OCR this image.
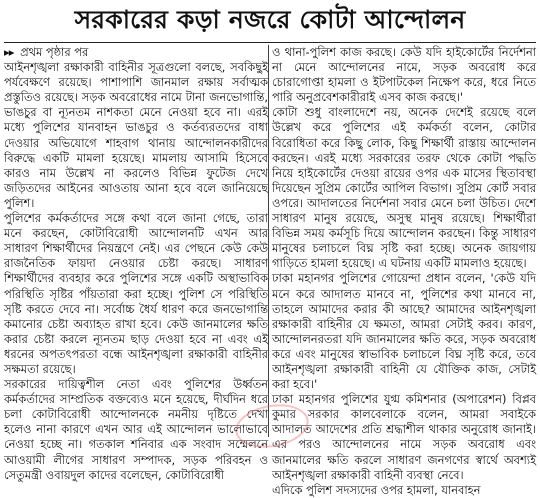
সরকারের কড়া নজরে কোটা আন্দোলন
▸▸ প্রথম পৃষ্ঠার পর

আইনশৃঙ্খলা রক্ষাকারী বাহিনীর সূত্রগুলো বলছে, সবকিছুই পর্যবেক্ষণে রয়েছে। পাশাপাশি জানমাল রক্ষায় সর্বাত্মক প্রস্তুতিও রয়েছে। সড়ক অবরোধের নামে টানা জনভোগান্তি, ভাঙচুর বা ন্যূনতম নাশকতা মেনে নেওয়া হবে না। এরই মধ্যে পুলিশের যানবাহন ভাঙচুর ও কর্তব্যরতদের বাধা দেওয়ার অভিযোগে শাহবাগ থানায় আন্দোলনকারীদের বিরুদ্ধে একটি মামলা হয়েছে। মামলায় আসামি হিসেবে কারও নাম উল্লেখ না করলেও বিভিন্ন ফুটেজ দেখে জড়িতদের আইনের আওতায় আনা হবে বলে জানিয়েছে পুলিশ।

পুলিশের কর্মকর্তাদের সঙ্গে কথা বলে জানা গেছে, তারা মনে করছেন, কোটাবিরোধী আন্দোলনটি এখন আর সাধারণ শিক্ষার্থীদের নিয়ন্ত্রণে নেই। এর পেছনে কেউ কেউ রাজনৈতিক ফায়দা নেওয়ার চেষ্টা করছে। সাধারণ শিক্ষার্থীদের ব্যবহার করে পুলিশের সঙ্গে একটি অস্থাভাবিক পরিস্থিতি সৃষ্টির পাঁয়তারা করা হচ্ছে। পুলিশ সে পরিস্থিতি সৃষ্টি করতে দেবে না। সর্বোচ্চ ধৈর্য ধারণ করে জনভোগান্তি কমানোর চেষ্টা অব্যাহত রাখা হবে। কেউ জানমালের ক্ষতি করার চেষ্টা করলে ন্যূনতম ছাড় দেওয়া হবে না এবং এই ধরনের অপতৎপরতা বন্ধে আইনশৃঙ্খলা রক্ষাকারী বাহিনীর সক্ষমতা রয়েছে।

সরকারের দায়িত্বশীল নেতা এবং পুলিশের উর্ধ্বতন কর্মকর্তাদের সাম্প্রতিক বক্তব্যেও মনে হয়েছে, দীর্ঘদিন ধরে চলা কোটাবিরোধী আন্দোলনকে নমনীয় দৃষ্টিতে দেখা হলেও নানা কারণে এখন আর এই আন্দোলন ভালোভাবে নেওয়া হচ্ছে না। গতকাল শনিবার এক সংবাদ সম্মেলনে আওয়ামী লীগের সাধারণ সম্পাদক, সড়ক পরিবহন ও সেতুমন্ত্রী ওবায়দুল কাদের বলেছেন, কোটাবিরোধী

ও থানা-পুলিশ কাজ করছে। কেউ যদি হাইকোর্টের নির্দেশনা না মেনে আন্দোলনের নামে, সড়ক অবরোধ করে চোরাগোপ্তা হামলা ও ইটপাটকেল নিক্ষেপ করে, ধরে নিতে পারি অনুপ্রবেশকারীরাই এসব কাজ করছে।'

কোটা শুধু বাংলাদেশে নয়, অনেক দেশেই রয়েছে বলে উল্লেখ করে পুলিশের এই কর্মকর্তা বলেন, কোটার বিরোধিতা করে কিছু লোক, কিছু শিক্ষার্থী রাস্তায় আন্দোলন করছেন। এরই মধ্যে সরকারের তরফ থেকে কোটা পদ্ধতি নিয়ে হাইকোর্টের দেওয়া রায়ের ওপর এক মাসের স্থিতাবস্থা দিয়েছেন সুপ্রিম কোর্টের আপিল বিভাগ। সুপ্রিম কোর্ট সবার ওপরে। আদালতের নির্দেশনা সবার মেনে চলা উচিত। দেশে সাধারণ মানুষ রয়েছে, অসুস্থ মানুষ রয়েছে। শিক্ষার্থীরা বিভিন্ন সময় কর্মসূচি দিয়ে আন্দোলন করছেন। কিন্তু সাধারণ মানুষের চলাচলে বিঘ্ন সৃষ্টি করা হচ্ছে। অনেক জায়গায় গাড়িতে হামলা হয়েছে। এ ঘটনায় একটি মামলাও হয়েছে।

ঢাকা মহানগর পুলিশের গোয়েন্দা প্রধান বলেন, 'কেউ যদি মনে করে আদালত মানবে না, পুলিশের কথা মানবে না, তাহলে আমাদের করার কী আছে? আমাদের আইনশৃঙ্খলা রক্ষাকারী বাহিনীর যে ক্ষমতা, আমরা সেটাই করব। কারণ, আন্দোলনরতরা যদি জানমালের ক্ষতি করে, সড়ক অবরোধ করে এবং মানুষের স্বাভাবিক চলাচলে বিঘ্ন সৃষ্টি করে, তবে আইনশৃঙ্খলা রক্ষাকারী বাহিনী যে যৌক্তিক কাজ, সেটাই করা হবে।'

ঢাকা মহানগর পুলিশের যুগ্ম কমিশনার (অপারেশন) বিপ্লব কুমার সরকার কালবেলাকে বলেন, আমরা সবাইকে আদালত আদেশের প্রতি শ্রদ্ধাশীল থাকার অনুরোধ জানাই। এর পরও আন্দোলনের নামে সড়ক অবরোধ এবং জানমালের ক্ষতি করলে সাধারণ জনগণের স্বার্থে অবশ্যই আইনশৃঙ্খলা রক্ষাকারী বাহিনী ব্যবস্থা নেবে।

এদিকে পুলিশ সদস্যদের ওপর হামলা, যানবাহন
